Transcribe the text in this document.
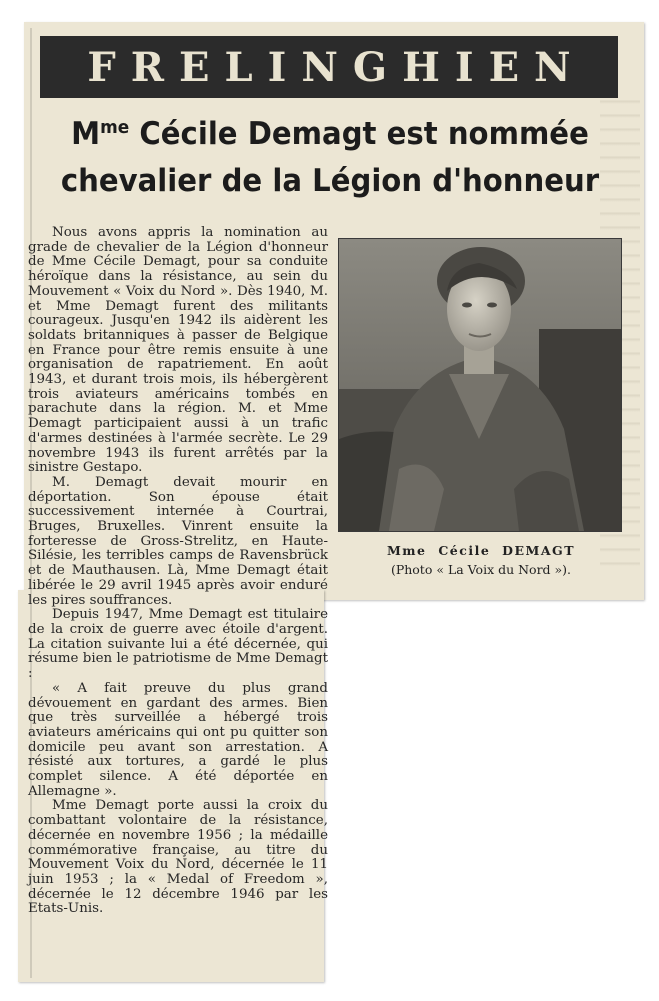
FRELINGHIEN
$M^{me}$ Cécile Demagt est nommée
chevalier de la Légion d'honneur

Nous avons appris la nomination au grade de chevalier de la Légion d'honneur de Mme Cécile Demagt, pour sa conduite héroïque dans la résistance, au sein du Mouvement « Voix du Nord ». Dès 1940, M. et Mme Demagt furent des militants courageux. Jusqu'en 1942 ils aidèrent les soldats britanniques à passer de Belgique en France pour être remis ensuite à une organisation de rapatriement. En août 1943, et durant trois mois, ils hébergèrent trois aviateurs américains tombés en parachute dans la région. M. et Mme Demagt participaient aussi à un trafic d'armes destinées à l'armée secrète. Le 29 novembre 1943 ils furent arrêtés par la sinistre Gestapo.

M. Demagt devait mourir en déportation. Son épouse était successivement internée à Courtrai, Bruges, Bruxelles. Vinrent ensuite la forteresse de Gross-Strelitz, en Haute-Silésie, les terribles camps de Ravensbrück et de Mauthausen. Là, Mme Demagt était libérée le 29 avril 1945 après avoir enduré les pires souffrances.

Depuis 1947, Mme Demagt est titulaire de la croix de guerre avec étoile d'argent. La citation suivante lui a été décernée, qui résume bien le patriotisme de Mme Demagt :

« A fait preuve du plus grand dévouement en gardant des armes. Bien que très surveillée a hébergé trois aviateurs américains qui ont pu quitter son domicile peu avant son arrestation. A résisté aux tortures, a gardé le plus complet silence. A été déportée en Allemagne ».

Mme Demagt porte aussi la croix du combattant volontaire de la résistance, décernée en novembre 1956 ; la médaille commémorative française, au titre du Mouvement Voix du Nord, décernée le 11 juin 1953 ; la « Medal of Freedom », décernée le 12 décembre 1946 par les Etats-Unis.

Mme Cécile DEMAGT
(Photo « La Voix du Nord »).
